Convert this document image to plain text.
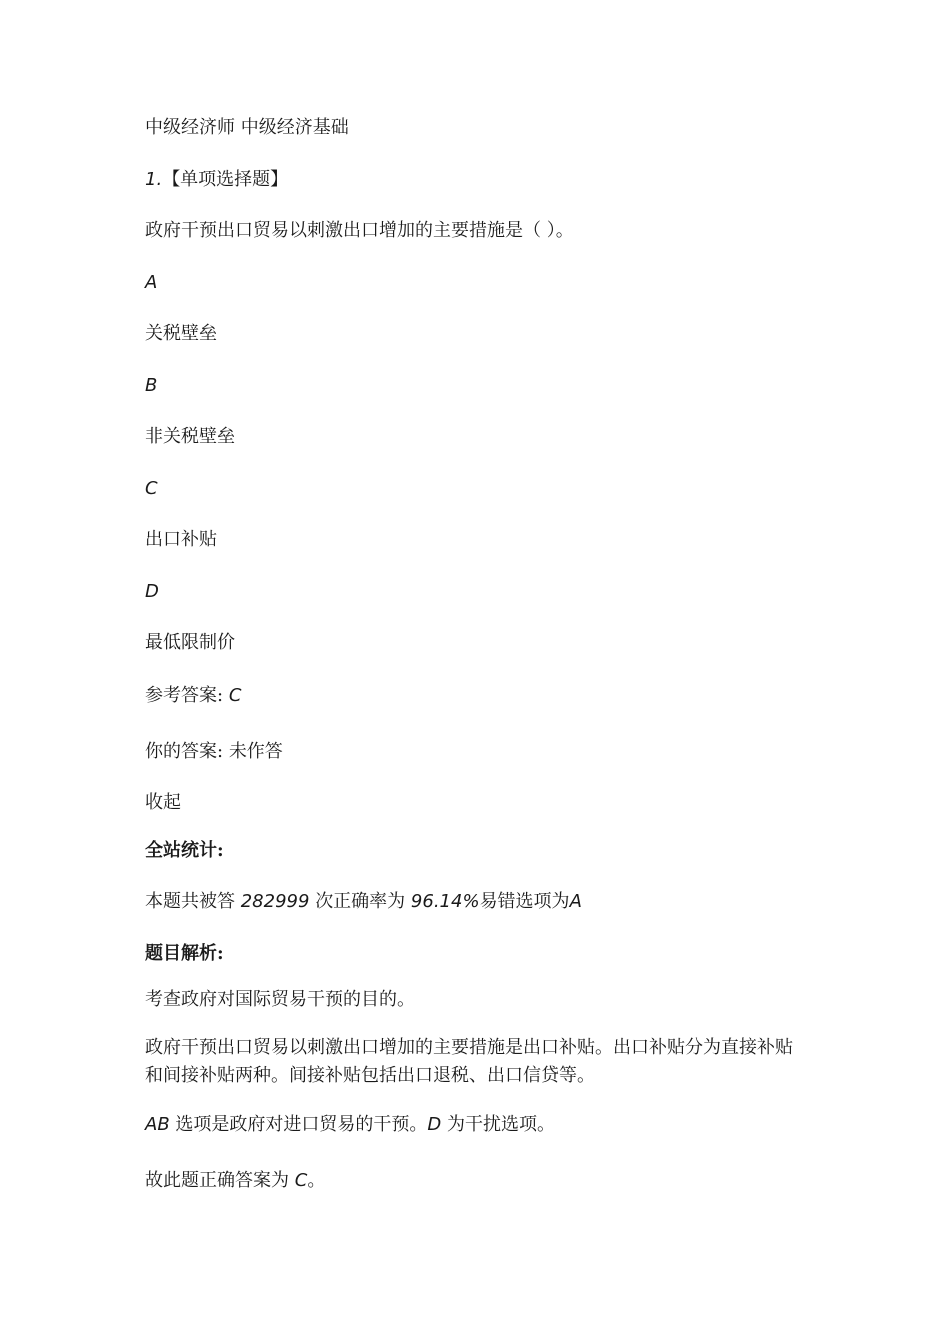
中级经济师 中级经济基础
1.【单项选择题】
政府干预出口贸易以刺激出口增加的主要措施是（ ）。
A
关税壁垒
B
非关税壁垒
C
出口补贴
D
最低限制价
参考答案: C
你的答案: 未作答
收起
全站统计:
本题共被答 282999 次正确率为 96.14%易错选项为A
题目解析:
考查政府对国际贸易干预的目的。
政府干预出口贸易以刺激出口增加的主要措施是出口补贴。出口补贴分为直接补贴和间接补贴两种。间接补贴包括出口退税、出口信贷等。
AB 选项是政府对进口贸易的干预。D 为干扰选项。
故此题正确答案为 C。
